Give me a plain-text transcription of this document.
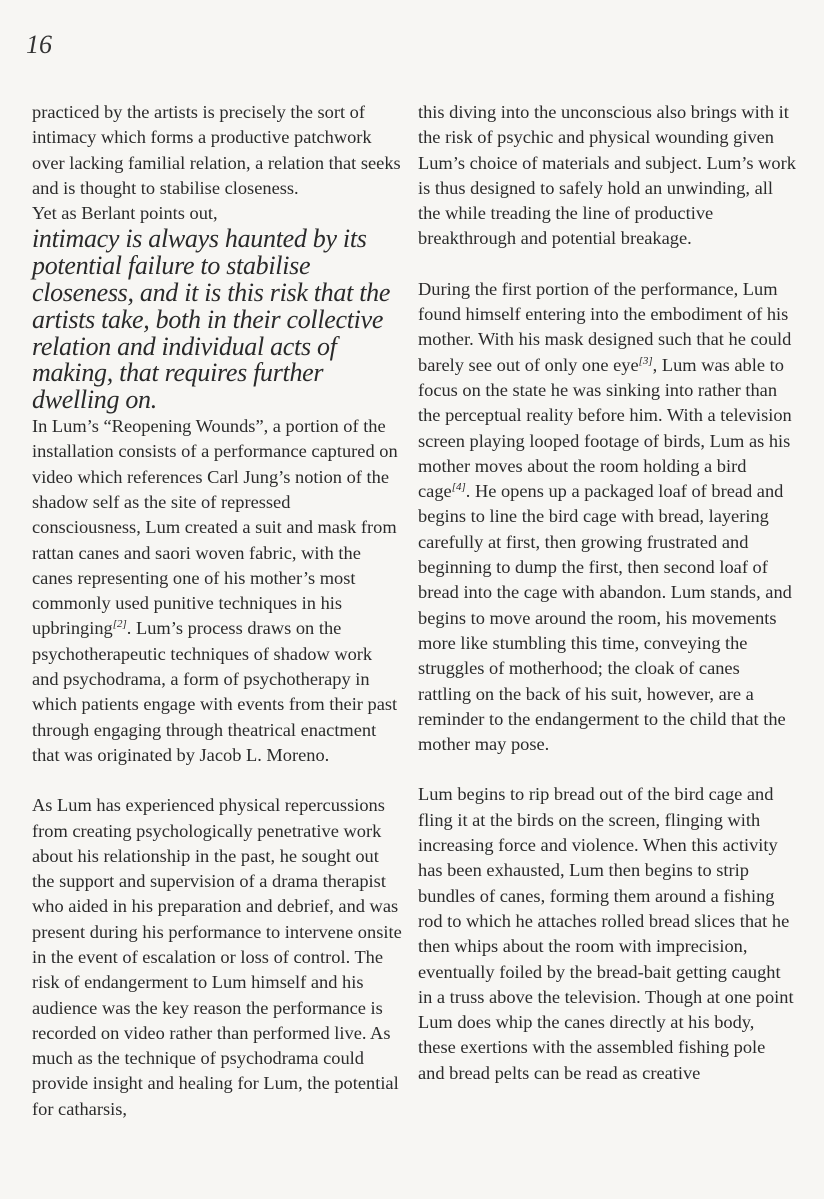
16

practiced by the artists is precisely the sort of intimacy which forms a productive patchwork over lacking familial relation, a relation that seeks and is thought to stabilise closeness.

Yet as Berlant points out,

intimacy is always haunted by its potential failure to stabilise closeness, and it is this risk that the artists take, both in their collective relation and individual acts of making, that requires further dwelling on.

In Lum’s “Reopening Wounds”, a portion of the installation consists of a performance captured on video which references Carl Jung’s notion of the shadow self as the site of repressed consciousness, Lum created a suit and mask from rattan canes and saori woven fabric, with the canes representing one of his mother’s most commonly used punitive techniques in his upbringing[2]. Lum’s process draws on the psychotherapeutic techniques of shadow work and psychodrama, a form of psychotherapy in which patients engage with events from their past through engaging through theatrical enactment that was originated by Jacob L. Moreno.

As Lum has experienced physical repercussions from creating psychologically penetrative work about his relationship in the past, he sought out the support and supervision of a drama therapist who aided in his preparation and debrief, and was present during his performance to intervene onsite in the event of escalation or loss of control. The risk of endangerment to Lum himself and his audience was the key reason the performance is recorded on video rather than performed live. As much as the technique of psychodrama could provide insight and healing for Lum, the potential for catharsis,

this diving into the unconscious also brings with it the risk of psychic and physical wounding given Lum’s choice of materials and subject. Lum’s work is thus designed to safely hold an unwinding, all the while treading the line of productive breakthrough and potential breakage.

During the first portion of the performance, Lum found himself entering into the embodiment of his mother. With his mask designed such that he could barely see out of only one eye[3], Lum was able to focus on the state he was sinking into rather than the perceptual reality before him. With a television screen playing looped footage of birds, Lum as his mother moves about the room holding a bird cage[4]. He opens up a packaged loaf of bread and begins to line the bird cage with bread, layering carefully at first, then growing frustrated and beginning to dump the first, then second loaf of bread into the cage with abandon. Lum stands, and begins to move around the room, his movements more like stumbling this time, conveying the struggles of motherhood; the cloak of canes rattling on the back of his suit, however, are a reminder to the endangerment to the child that the mother may pose.

Lum begins to rip bread out of the bird cage and fling it at the birds on the screen, flinging with increasing force and violence. When this activity has been exhausted, Lum then begins to strip bundles of canes, forming them around a fishing rod to which he attaches rolled bread slices that he then whips about the room with imprecision, eventually foiled by the bread-bait getting caught in a truss above the television. Though at one point Lum does whip the canes directly at his body, these exertions with the assembled fishing pole and bread pelts can be read as creative
